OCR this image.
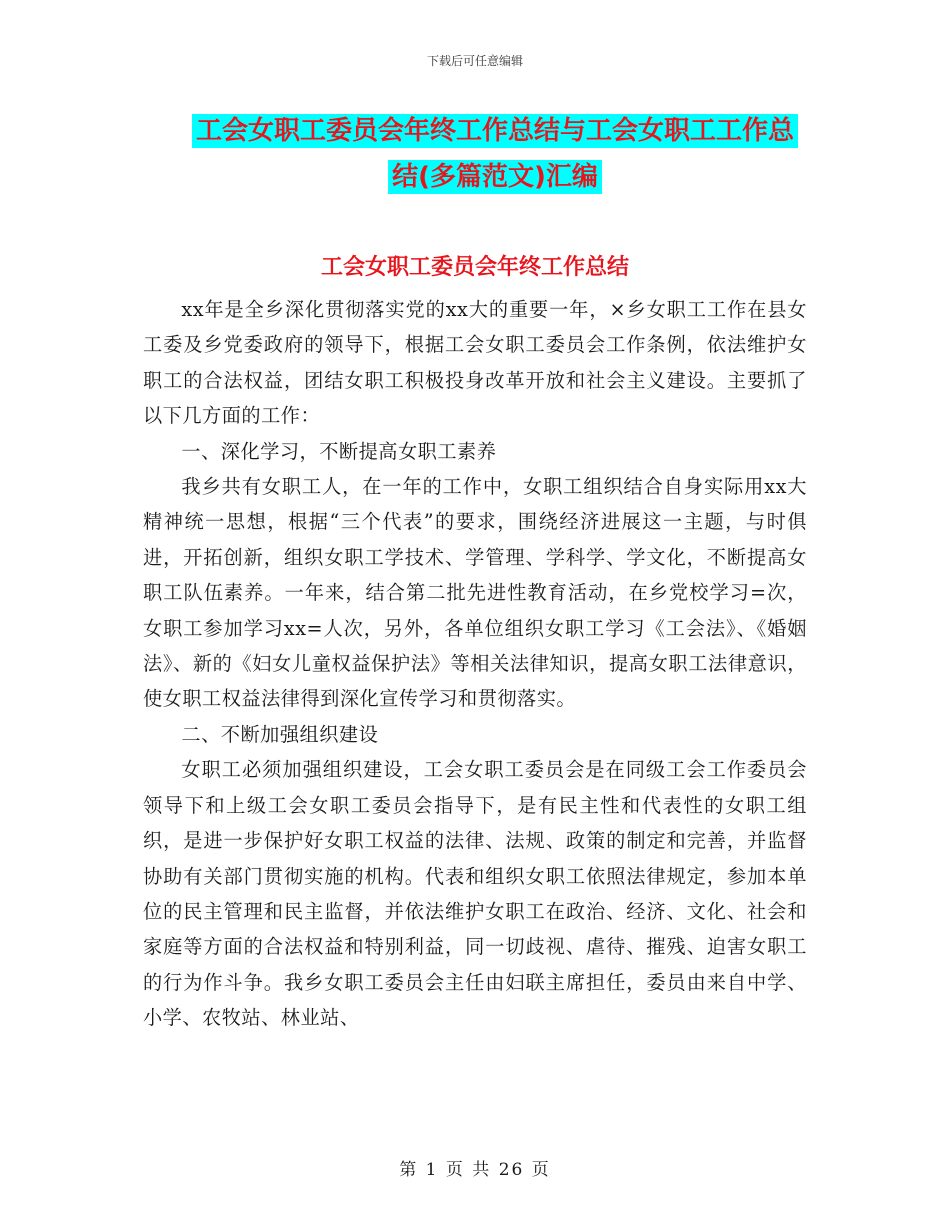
下载后可任意编辑
工会女职工委员会年终工作总结与工会女职工工作总
结(多篇范文)汇编
工会女职工委员会年终工作总结

xx年是全乡深化贯彻落实党的xx大的重要一年，×乡女职工工作在县女工委及乡党委政府的领导下，根据工会女职工委员会工作条例，依法维护女职工的合法权益，团结女职工积极投身改革开放和社会主义建设。主要抓了以下几方面的工作：

一、深化学习，不断提高女职工素养

我乡共有女职工人，在一年的工作中，女职工组织结合自身实际用xx大精神统一思想，根据“三个代表”的要求，围绕经济进展这一主题，与时俱进，开拓创新，组织女职工学技术、学管理、学科学、学文化，不断提高女职工队伍素养。一年来，结合第二批先进性教育活动，在乡党校学习=次，女职工参加学习xx=人次，另外，各单位组织女职工学习《工会法》、《婚姻法》、新的《妇女儿童权益保护法》等相关法律知识，提高女职工法律意识，使女职工权益法律得到深化宣传学习和贯彻落实。

二、不断加强组织建设

女职工必须加强组织建设，工会女职工委员会是在同级工会工作委员会领导下和上级工会女职工委员会指导下，是有民主性和代表性的女职工组织，是进一步保护好女职工权益的法律、法规、政策的制定和完善，并监督协助有关部门贯彻实施的机构。代表和组织女职工依照法律规定，参加本单位的民主管理和民主监督，并依法维护女职工在政治、经济、文化、社会和家庭等方面的合法权益和特别利益，同一切歧视、虐待、摧残、迫害女职工的行为作斗争。我乡女职工委员会主任由妇联主席担任，委员由来自中学、小学、农牧站、林业站、

第 1 页 共 26 页
